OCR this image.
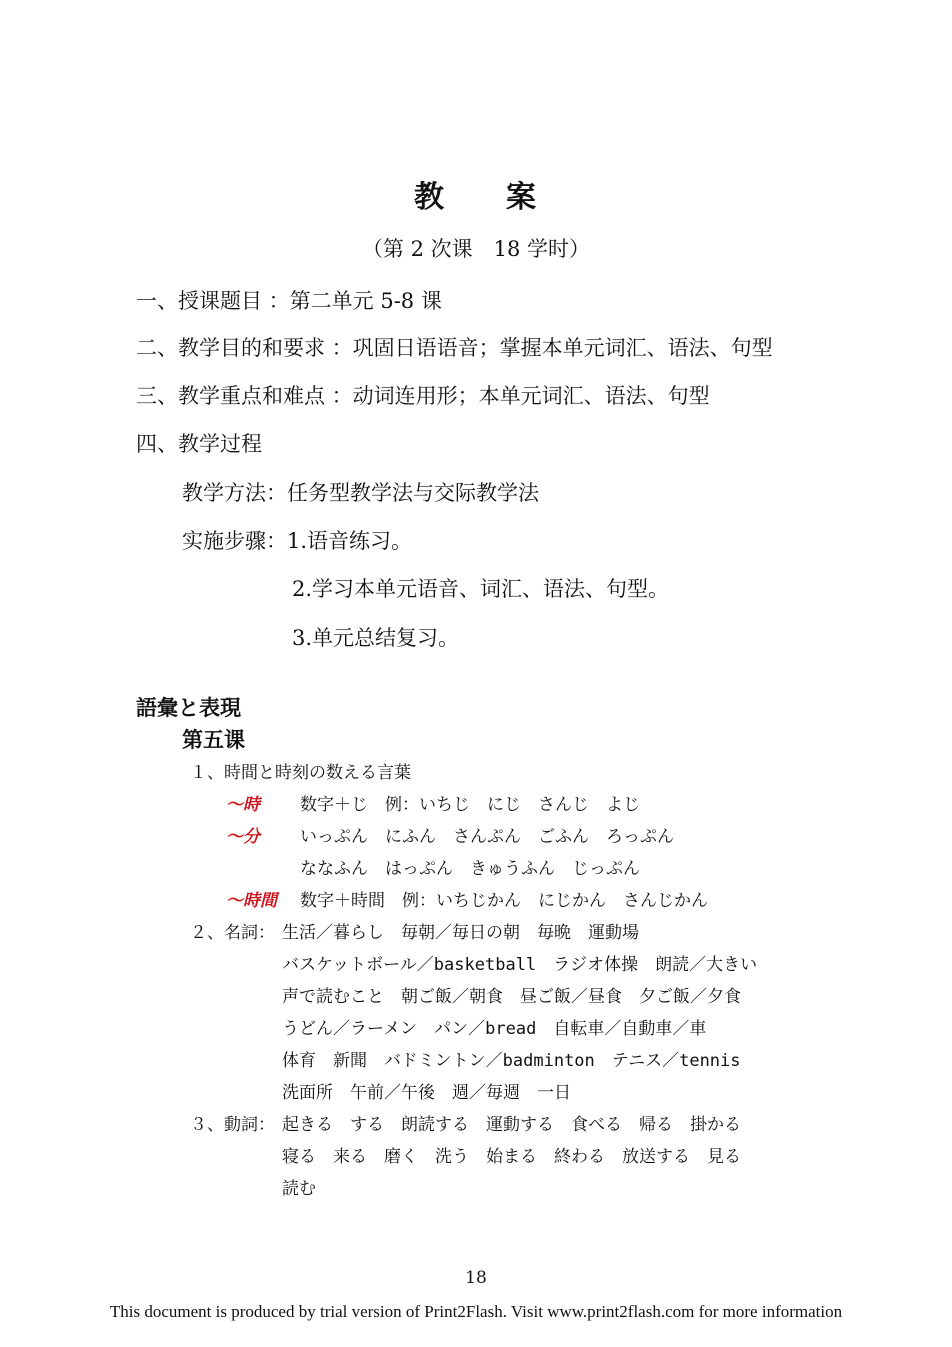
教 案
（第 2 次课　18 学时）
一、授课题目 ：第二单元 5-8 课
二、教学目的和要求 ：巩固日语语音；掌握本单元词汇、语法、句型
三、教学重点和难点 ：动词连用形；本单元词汇、语法、句型
四、教学过程
教学方法：任务型教学法与交际教学法
实施步骤：1.语音练习。
2.学习本单元语音、词汇、语法、句型。
3.单元总结复习。
語彙と表現
第五课
１、時間と時刻の数える言葉
～時 数字＋じ　例：いちじ　にじ　さんじ　よじ
～分 いっぷん　にふん　さんぷん　ごふん　ろっぷん
ななふん　はっぷん　きゅうふん　じっぷん
～時間 数字＋時間　例：いちじかん　にじかん　さんじかん
２、名詞： 生活／暮らし　毎朝／毎日の朝　毎晩　運動場
バスケットボール／basketball　ラジオ体操　朗読／大きい
声で読むこと　朝ご飯／朝食　昼ご飯／昼食　夕ご飯／夕食
うどん／ラーメン　パン／bread　自転車／自動車／車
体育　新聞　バドミントン／badminton　テニス／tennis
洗面所　午前／午後　週／毎週　一日
３、動詞： 起きる　する　朗読する　運動する　食べる　帰る　掛かる
寝る　来る　磨く　洗う　始まる　終わる　放送する　見る
読む
18
This document is produced by trial version of Print2Flash. Visit www.print2flash.com for more information
